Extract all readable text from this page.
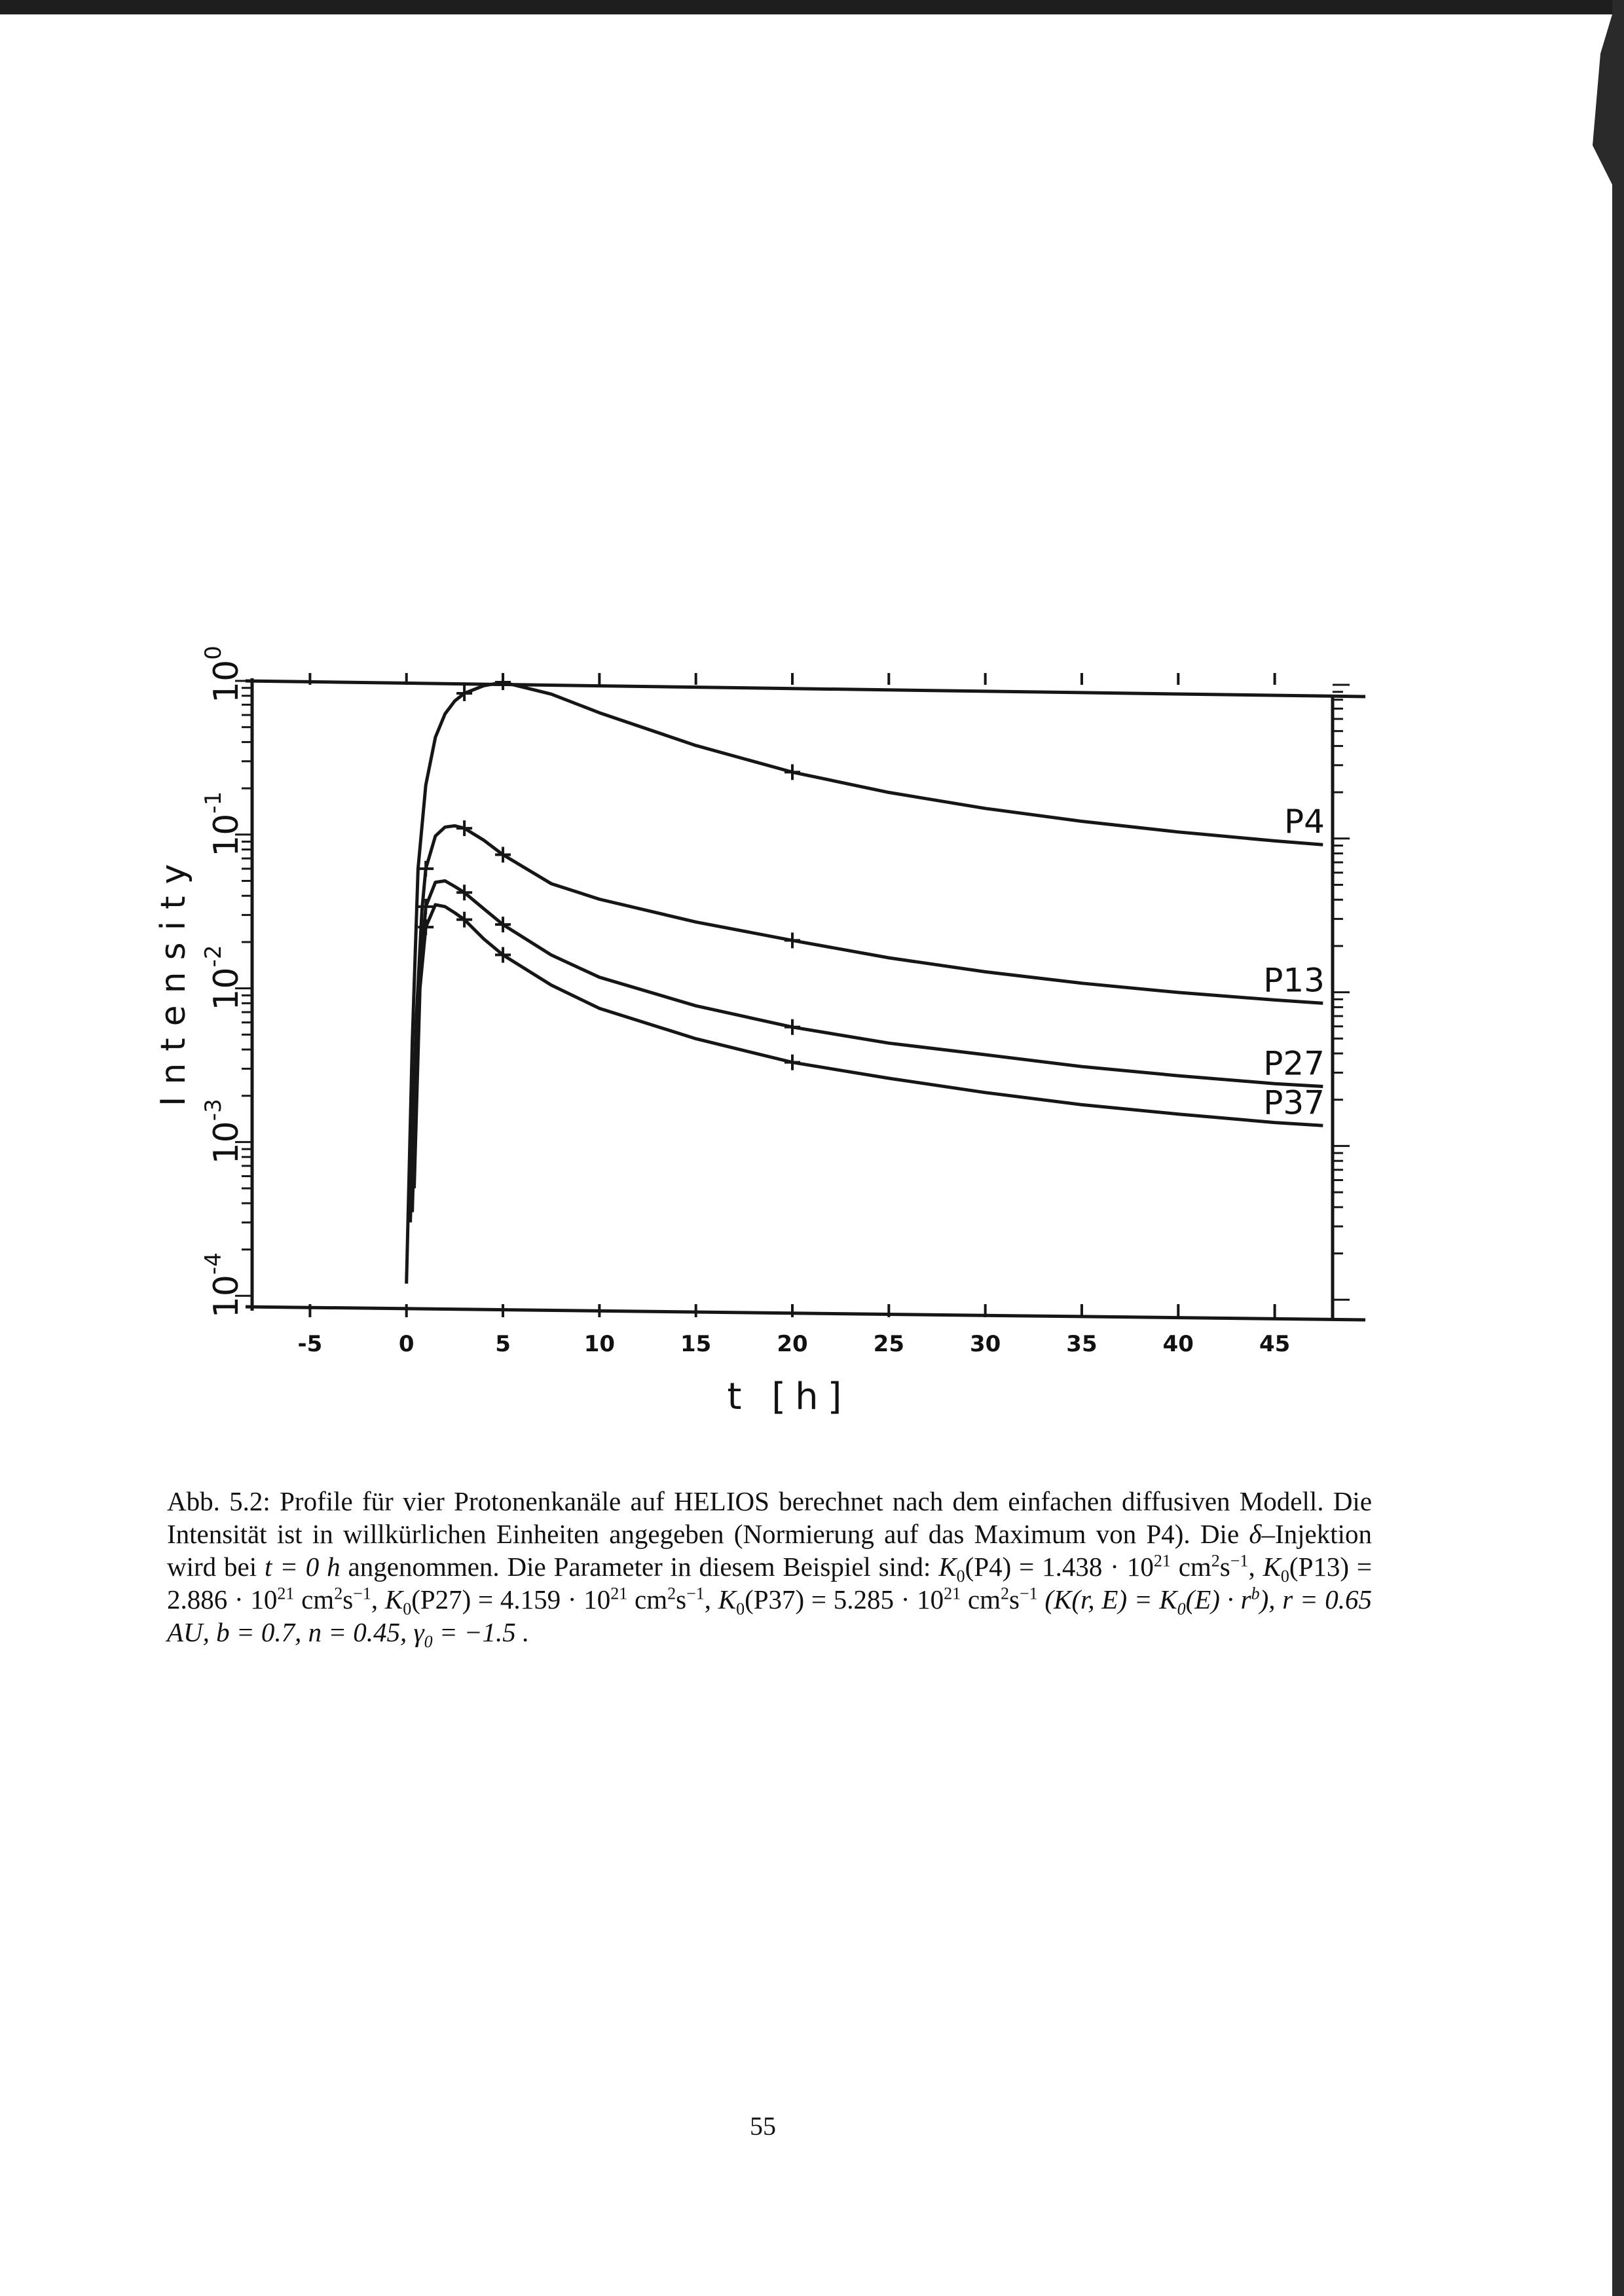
-5	0	5	10	15	20	25	30	35	40	45
$10^{-4}$
$10^{-3}$
$10^{-2}$
$10^{-1}$
$10^0$
P4
P13
P27
P37
Intensity
t [h]
Abb. 5.2: Profile für vier Protonenkanäle auf HELIOS berechnet nach dem einfachen diffusiven Modell. Die Intensität ist in willkürlichen Einheiten angegeben (Normierung auf das Maximum von P4). Die δ–Injektion wird bei t = 0 h angenommen. Die Parameter in diesem Beispiel sind: $K_0(P4) = 1.438 \cdot 10^{21}$ $cm^2s^{-1}$, $K_0(P13) = 2.886 \cdot 10^{21}$ $cm^2s^{-1}$, $K_0(P27) = 4.159 \cdot 10^{21}$ $cm^2s^{-1}$, $K_0(P37) = 5.285 \cdot 10^{21}$ $cm^2s^{-1}$ (K(r, $E) = K_0(E) \cdot r^b$), r = 0.65 AU, b = 0.7, n = 0.45, $\gamma_0 = -1.5$ .
55
